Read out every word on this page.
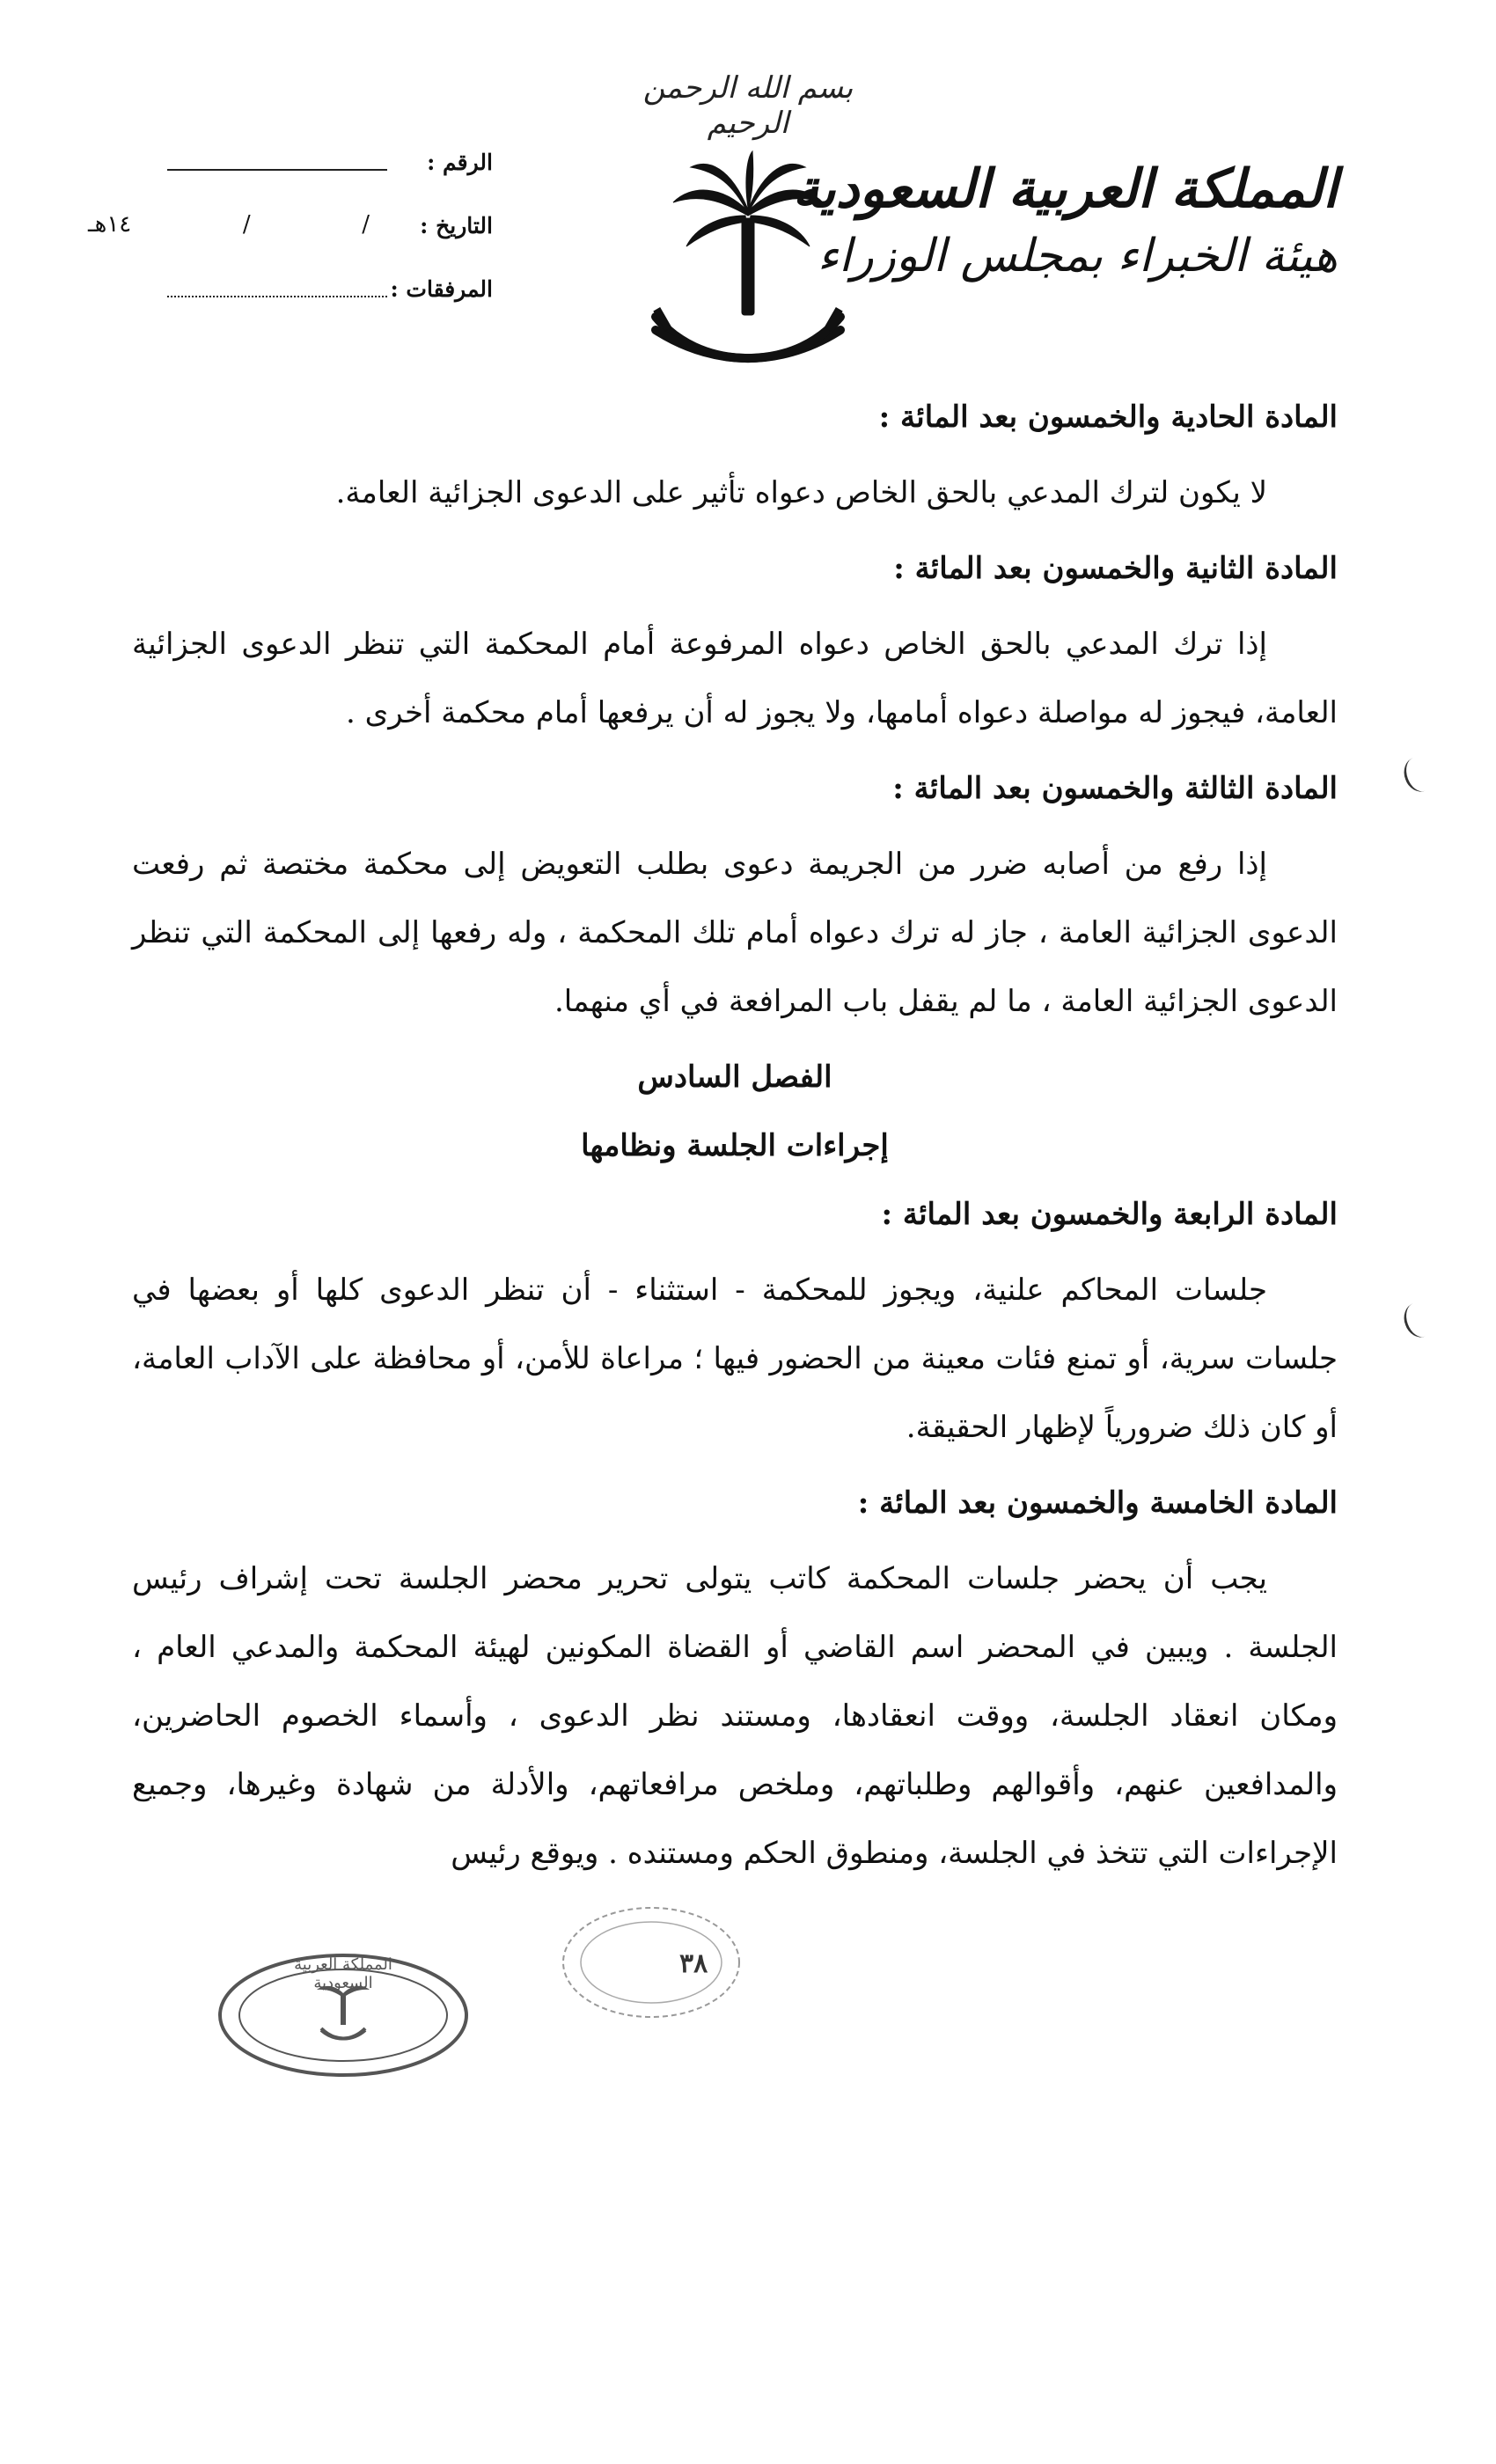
بسم الله الرحمن الرحيم
المملكة العربية السعودية
هيئة الخبراء بمجلس الوزراء
الرقم :
التاريخ :
/
/
١٤هـ
المرفقات :

المادة الحادية والخمسون بعد المائة :

لا يكون لترك المدعي بالحق الخاص دعواه تأثير على الدعوى الجزائية العامة.

المادة الثانية والخمسون بعد المائة :

إذا ترك المدعي بالحق الخاص دعواه المرفوعة أمام المحكمة التي تنظر الدعوى الجزائية العامة، فيجوز له مواصلة دعواه أمامها، ولا يجوز له أن يرفعها أمام محكمة أخرى .

المادة الثالثة والخمسون بعد المائة :

إذا رفع من أصابه ضرر من الجريمة دعوى بطلب التعويض إلى محكمة مختصة ثم رفعت الدعوى الجزائية العامة ، جاز له ترك دعواه أمام تلك المحكمة ، وله رفعها إلى المحكمة التي تنظر الدعوى الجزائية العامة ، ما لم يقفل باب المرافعة في أي منهما.

الفصل السادس

إجراءات الجلسة ونظامها

المادة الرابعة والخمسون بعد المائة :

جلسات المحاكم علنية، ويجوز للمحكمة - استثناء - أن تنظر الدعوى كلها أو بعضها في جلسات سرية، أو تمنع فئات معينة من الحضور فيها ؛ مراعاة للأمن، أو محافظة على الآداب العامة، أو كان ذلك ضرورياً لإظهار الحقيقة.

المادة الخامسة والخمسون بعد المائة :

يجب أن يحضر جلسات المحكمة كاتب يتولى تحرير محضر الجلسة تحت إشراف رئيس الجلسة . ويبين في المحضر اسم القاضي أو القضاة المكونين لهيئة المحكمة والمدعي العام ، ومكان انعقاد الجلسة، ووقت انعقادها، ومستند نظر الدعوى ، وأسماء الخصوم الحاضرين، والمدافعين عنهم، وأقوالهم وطلباتهم، وملخص مرافعاتهم، والأدلة من شهادة وغيرها، وجميع الإجراءات التي تتخذ في الجلسة، ومنطوق الحكم ومستنده . ويوقع رئيس

المملكة العربية السعودية
٣٨
